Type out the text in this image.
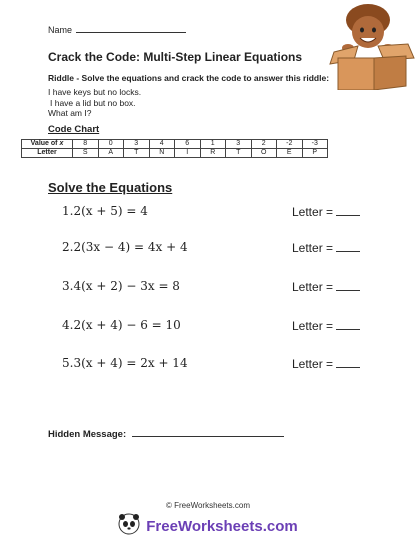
Name
Crack the Code: Multi-Step Linear Equations
Riddle - Solve the equations and crack the code to answer this riddle:
I have keys but no locks.
I have a lid but no box.
What am I?
Code Chart
Value of x	8	0	3	4	6	1	3	2	-2	-3
Letter	S	A	T	N	I	R	T	O	E	P
Solve the Equations
1.2(x + 5) = 4	Letter =
2.2(3x − 4) = 4x + 4	Letter =
3.4(x + 2) − 3x = 8	Letter =
4.2(x + 4) − 6 = 10	Letter =
5.3(x + 4) = 2x + 14	Letter =
Hidden Message:
© FreeWorksheets.com
FreeWorksheets.com
